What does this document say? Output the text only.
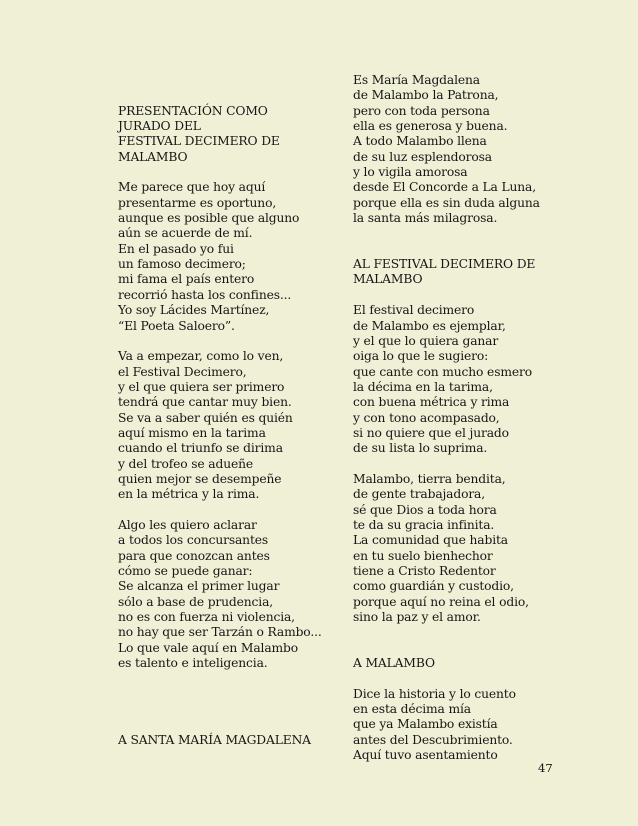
PRESENTACIÓN COMO
JURADO DEL
FESTIVAL DECIMERO DE
MALAMBO
Me parece que hoy aquí
presentarme es oportuno,
aunque es posible que alguno
aún se acuerde de mí.
En el pasado yo fui
un famoso decimero;
mi fama el país entero
recorrió hasta los confines...
Yo soy Lácides Martínez,
“El Poeta Saloero”.
Va a empezar, como lo ven,
el Festival Decimero,
y el que quiera ser primero
tendrá que cantar muy bien.
Se va a saber quién es quién
aquí mismo en la tarima
cuando el triunfo se dirima
y del trofeo se adueñe
quien mejor se desempeñe
en la métrica y la rima.
Algo les quiero aclarar
a todos los concursantes
para que conozcan antes
cómo se puede ganar:
Se alcanza el primer lugar
sólo a base de prudencia,
no es con fuerza ni violencia,
no hay que ser Tarzán o Rambo...
Lo que vale aquí en Malambo
es talento e inteligencia.
A SANTA MARÍA MAGDALENA
Es María Magdalena
de Malambo la Patrona,
pero con toda persona
ella es generosa y buena.
A todo Malambo llena
de su luz esplendorosa
y lo vigila amorosa
desde El Concorde a La Luna,
porque ella es sin duda alguna
la santa más milagrosa.
AL FESTIVAL DECIMERO DE
MALAMBO
El festival decimero
de Malambo es ejemplar,
y el que lo quiera ganar
oiga lo que le sugiero:
que cante con mucho esmero
la décima en la tarima,
con buena métrica y rima
y con tono acompasado,
si no quiere que el jurado
de su lista lo suprima.
Malambo, tierra bendita,
de gente trabajadora,
sé que Dios a toda hora
te da su gracia infinita.
La comunidad que habita
en tu suelo bienhechor
tiene a Cristo Redentor
como guardián y custodio,
porque aquí no reina el odio,
sino la paz y el amor.
A MALAMBO
Dice la historia y lo cuento
en esta décima mía
que ya Malambo existía
antes del Descubrimiento.
Aquí tuvo asentamiento
47
